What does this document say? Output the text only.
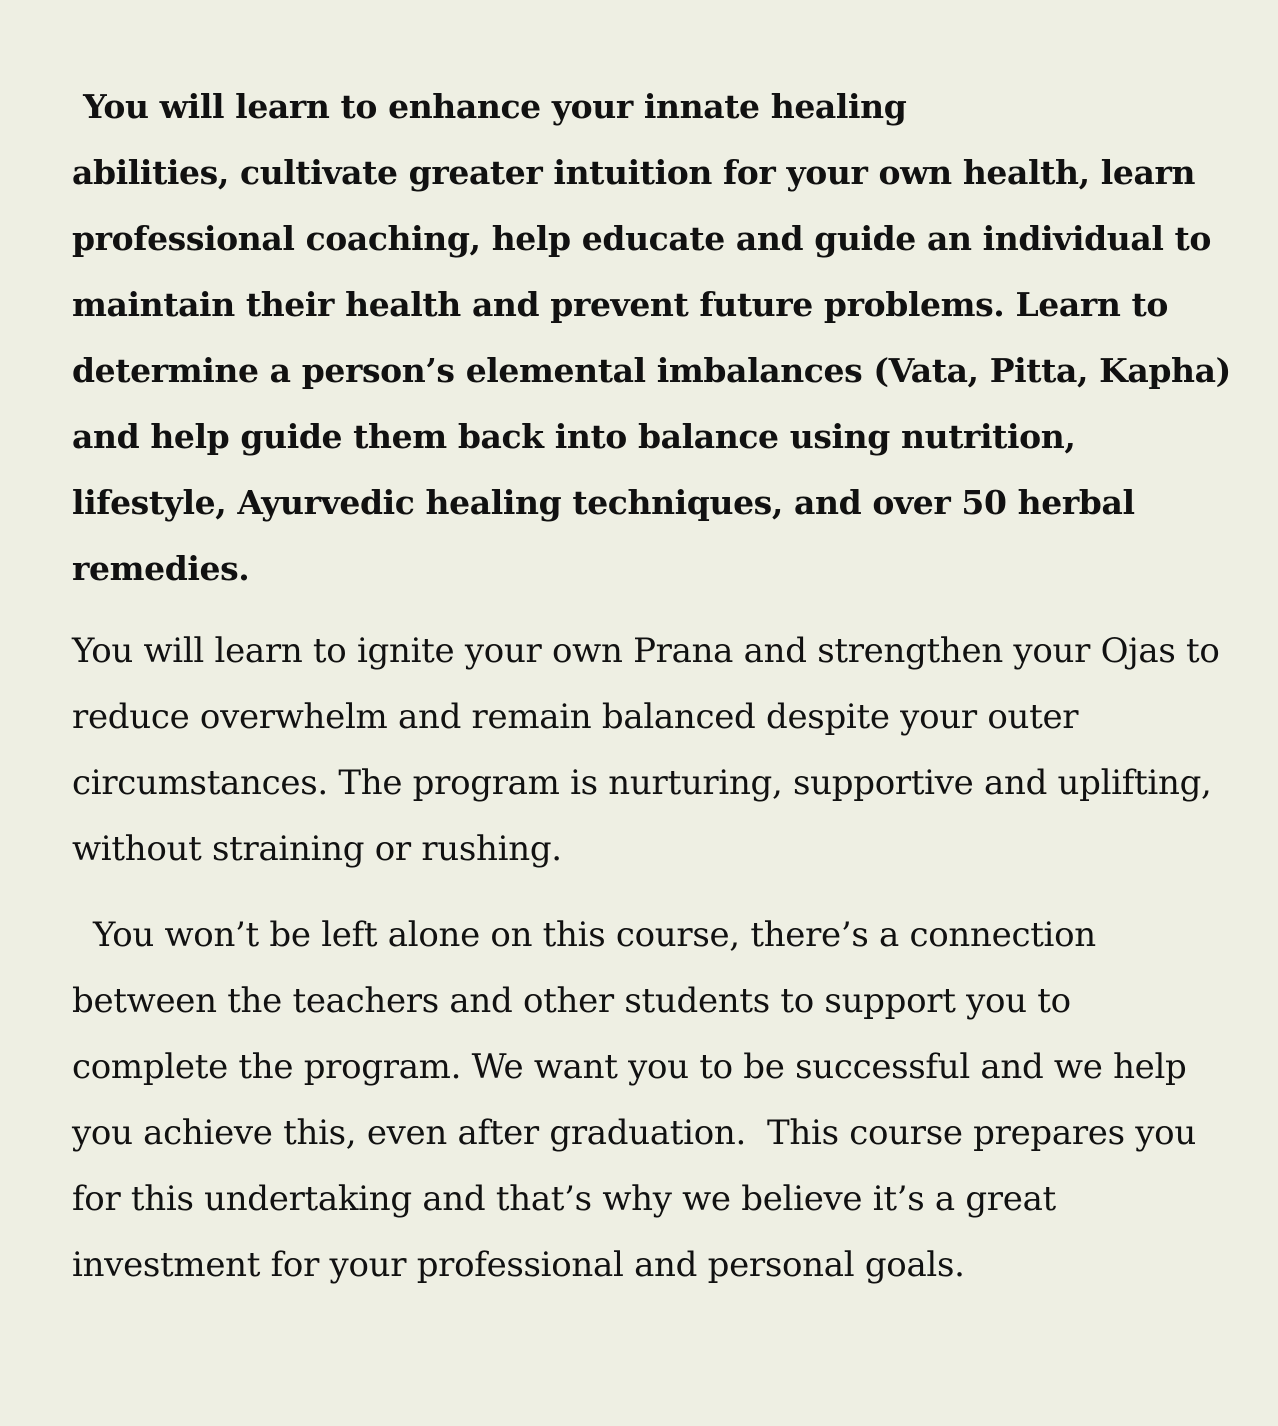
You will learn to enhance your innate healing
abilities, cultivate greater intuition for your own health, learn professional coaching, help educate and guide an individual to maintain their health and prevent future problems. Learn to determine a person’s elemental imbalances (Vata, Pitta, Kapha) and help guide them back into balance using nutrition, lifestyle, Ayurvedic healing techniques, and over 50 herbal remedies.

You will learn to ignite your own Prana and strengthen your Ojas to reduce overwhelm and remain balanced despite your outer circumstances. The program is nurturing, supportive and uplifting, without straining or rushing.

You won’t be left alone on this course, there’s a connection between the teachers and other students to support you to complete the program. We want you to be successful and we help you achieve this, even after graduation.  This course prepares you for this undertaking and that’s why we believe it’s a great investment for your professional and personal goals.
